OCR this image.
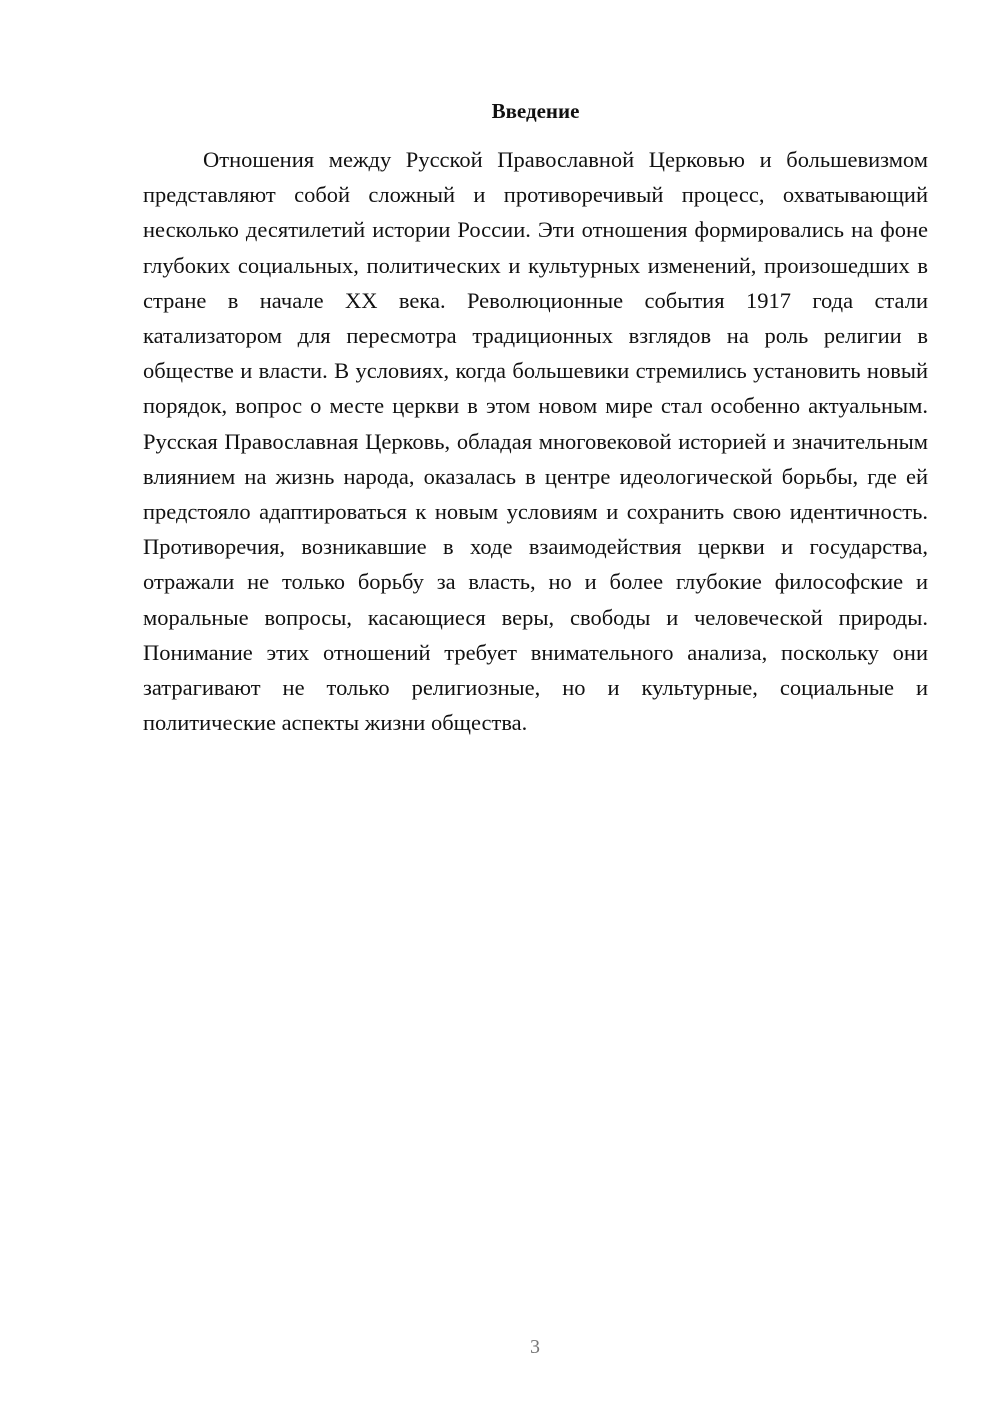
Введение

Отношения между Русской Православной Церковью и большевизмом представляют собой сложный и противоречивый процесс, охватывающий несколько десятилетий истории России. Эти отношения формировались на фоне глубоких социальных, политических и культурных изменений, произошедших в стране в начале XX века. Революционные события 1917 года стали катализатором для пересмотра традиционных взглядов на роль религии в обществе и власти. В условиях, когда большевики стремились установить новый порядок, вопрос о месте церкви в этом новом мире стал особенно актуальным. Русская Православная Церковь, обладая многовековой историей и значительным влиянием на жизнь народа, оказалась в центре идеологической борьбы, где ей предстояло адаптироваться к новым условиям и сохранить свою идентичность. Противоречия, возникавшие в ходе взаимодействия церкви и государства, отражали не только борьбу за власть, но и более глубокие философские и моральные вопросы, касающиеся веры, свободы и человеческой природы. Понимание этих отношений требует внимательного анализа, поскольку они затрагивают не только религиозные, но и культурные, социальные и политические аспекты жизни общества.

3
